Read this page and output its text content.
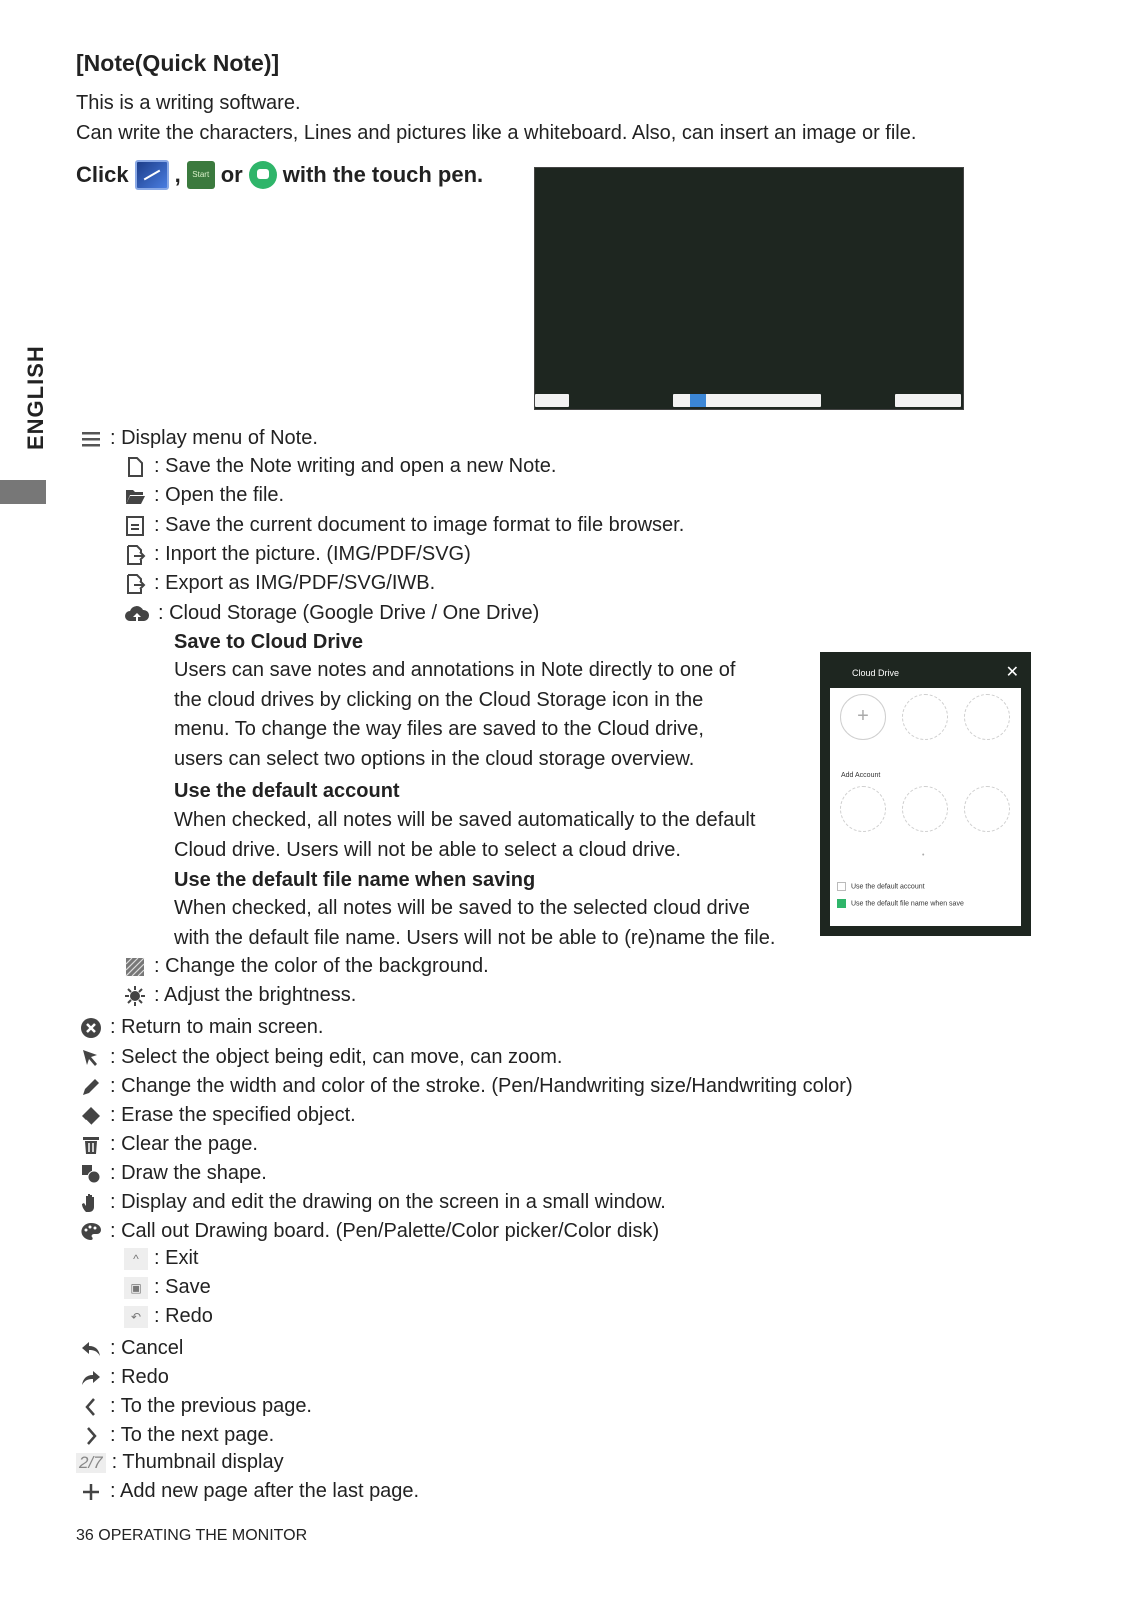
[Note(Quick Note)]
This is a writing software.
Can write the characters, Lines and pictures like a whiteboard. Also, can insert an image or file.
Click ,	Start or with the touch pen.
ENGLISH	: Display menu of Note.
: Save the Note writing and open a new Note.
: Open the file.
: Save the current document to image format to file browser.
: Inport the picture. (IMG/PDF/SVG)
: Export as IMG/PDF/SVG/IWB.
: Cloud Storage (Google Drive / One Drive)
Save to Cloud Drive
Users can save notes and annotations in Note directly to one of
the cloud drives by clicking on the Cloud Storage icon in the
menu. To change the way files are saved to the Cloud drive,
users can select two options in the cloud storage overview.
Use the default account
When checked, all notes will be saved automatically to the default
Cloud drive. Users will not be able to select a cloud drive.
Use the default file name when saving
When checked, all notes will be saved to the selected cloud drive
with the default file name. Users will not be able to (re)name the file.
Cloud Drive	✕
+
Add Account
•
Use the default account
Use the default file name when save
: Change the color of the background.
: Adjust the brightness.
: Return to main screen.
: Select the object being edit, can move, can zoom.
: Change the width and color of the stroke. (Pen/Handwriting size/Handwriting color)
: Erase the specified object.
: Clear the page.
: Draw the shape.
: Display and edit the drawing on the screen in a small window.
: Call out Drawing board. (Pen/Palette/Color picker/Color disk)
^ : Exit
▣ : Save
↶ : Redo
: Cancel
: Redo
: To the previous page.
: To the next page.
2/7 : Thumbnail display
: Add new page after the last page.
36 OPERATING THE MONITOR
